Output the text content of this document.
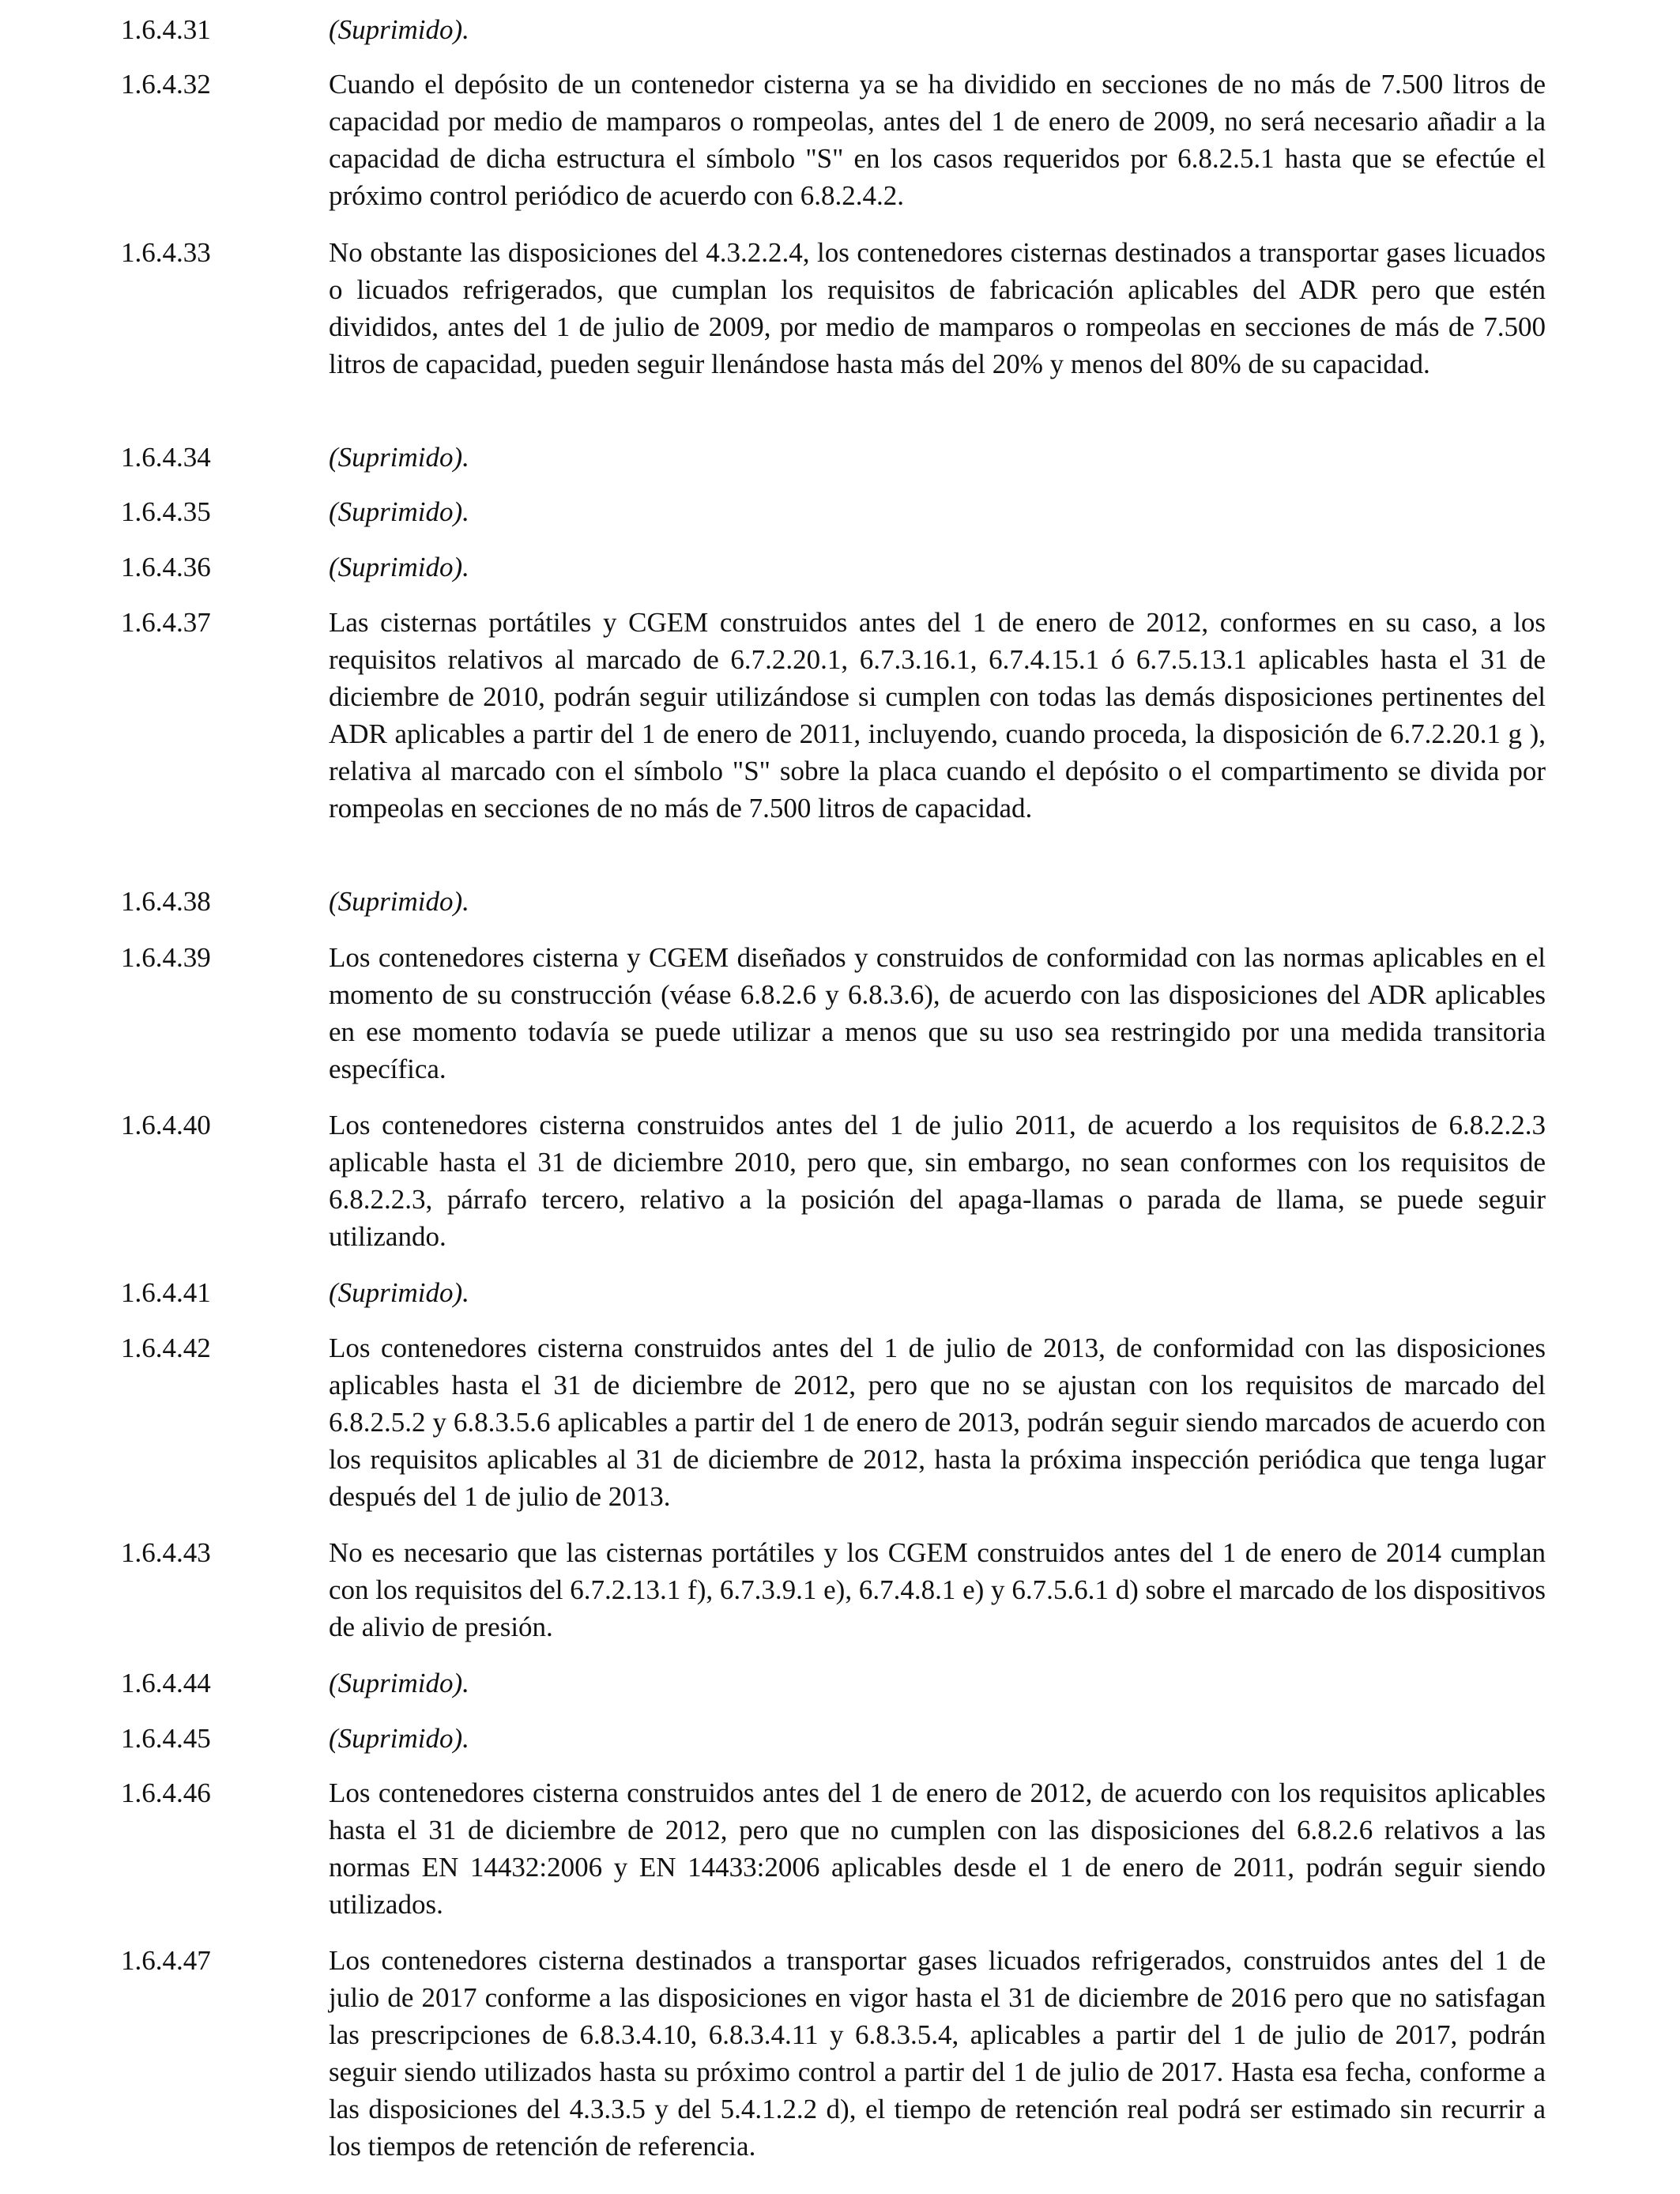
1.6.4.31	(Suprimido).
1.6.4.32	Cuando el depósito de un contenedor cisterna ya se ha dividido en secciones de no más de 7.500 litros de capacidad por medio de mamparos o rompeolas, antes del 1 de enero de 2009, no será necesario añadir a la capacidad de dicha estructura el símbolo "S" en los casos requeridos por 6.8.2.5.1 hasta que se efectúe el próximo control periódico de acuerdo con 6.8.2.4.2.
1.6.4.33	No obstante las disposiciones del 4.3.2.2.4, los contenedores cisternas destinados a transportar gases licuados o licuados refrigerados, que cumplan los requisitos de fabricación aplicables del ADR pero que estén divididos, antes del 1 de julio de 2009, por medio de mamparos o rompeolas en secciones de más de 7.500 litros de capacidad, pueden seguir llenándose hasta más del 20% y menos del 80% de su capacidad.
1.6.4.34	(Suprimido).
1.6.4.35	(Suprimido).
1.6.4.36	(Suprimido).
1.6.4.37	Las cisternas portátiles y CGEM construidos antes del 1 de enero de 2012, conformes en su caso, a los requisitos relativos al marcado de 6.7.2.20.1, 6.7.3.16.1, 6.7.4.15.1 ó 6.7.5.13.1 aplicables hasta el 31 de diciembre de 2010, podrán seguir utilizándose si cumplen con todas las demás disposiciones pertinentes del ADR aplicables a partir del 1 de enero de 2011, incluyendo, cuando proceda, la disposición de 6.7.2.20.1 g ), relativa al marcado con el símbolo "S" sobre la placa cuando el depósito o el compartimento se divida por rompeolas en secciones de no más de 7.500 litros de capacidad.
1.6.4.38	(Suprimido).
1.6.4.39	Los contenedores cisterna y CGEM diseñados y construidos de conformidad con las normas aplicables en el momento de su construcción (véase 6.8.2.6 y 6.8.3.6), de acuerdo con las disposiciones del ADR aplicables en ese momento todavía se puede utilizar a menos que su uso sea restringido por una medida transitoria específica.
1.6.4.40	Los contenedores cisterna construidos antes del 1 de julio 2011, de acuerdo a los requisitos de 6.8.2.2.3 aplicable hasta el 31 de diciembre 2010, pero que, sin embargo, no sean conformes con los requisitos de 6.8.2.2.3, párrafo tercero, relativo a la posición del apaga-llamas o parada de llama, se puede seguir utilizando.
1.6.4.41	(Suprimido).
1.6.4.42	Los contenedores cisterna construidos antes del 1 de julio de 2013, de conformidad con las disposiciones aplicables hasta el 31 de diciembre de 2012, pero que no se ajustan con los requisitos de marcado del 6.8.2.5.2 y 6.8.3.5.6 aplicables a partir del 1 de enero de 2013, podrán seguir siendo marcados de acuerdo con los requisitos aplicables al 31 de diciembre de 2012, hasta la próxima inspección periódica que tenga lugar después del 1 de julio de 2013.
1.6.4.43	No es necesario que las cisternas portátiles y los CGEM construidos antes del 1 de enero de 2014 cumplan con los requisitos del 6.7.2.13.1 f), 6.7.3.9.1 e), 6.7.4.8.1 e) y 6.7.5.6.1 d) sobre el marcado de los dispositivos de alivio de presión.
1.6.4.44	(Suprimido).
1.6.4.45	(Suprimido).
1.6.4.46	Los contenedores cisterna construidos antes del 1 de enero de 2012, de acuerdo con los requisitos aplicables hasta el 31 de diciembre de 2012, pero que no cumplen con las disposiciones del 6.8.2.6 relativos a las normas EN 14432:2006 y EN 14433:2006 aplicables desde el 1 de enero de 2011, podrán seguir siendo utilizados.
1.6.4.47	Los contenedores cisterna destinados a transportar gases licuados refrigerados, construidos antes del 1 de julio de 2017 conforme a las disposiciones en vigor hasta el 31 de diciembre de 2016 pero que no satisfagan las prescripciones de 6.8.3.4.10, 6.8.3.4.11 y 6.8.3.5.4, aplicables a partir del 1 de julio de 2017, podrán seguir siendo utilizados hasta su próximo control a partir del 1 de julio de 2017. Hasta esa fecha, conforme a las disposiciones del 4.3.3.5 y del 5.4.1.2.2 d), el tiempo de retención real podrá ser estimado sin recurrir a los tiempos de retención de referencia.
